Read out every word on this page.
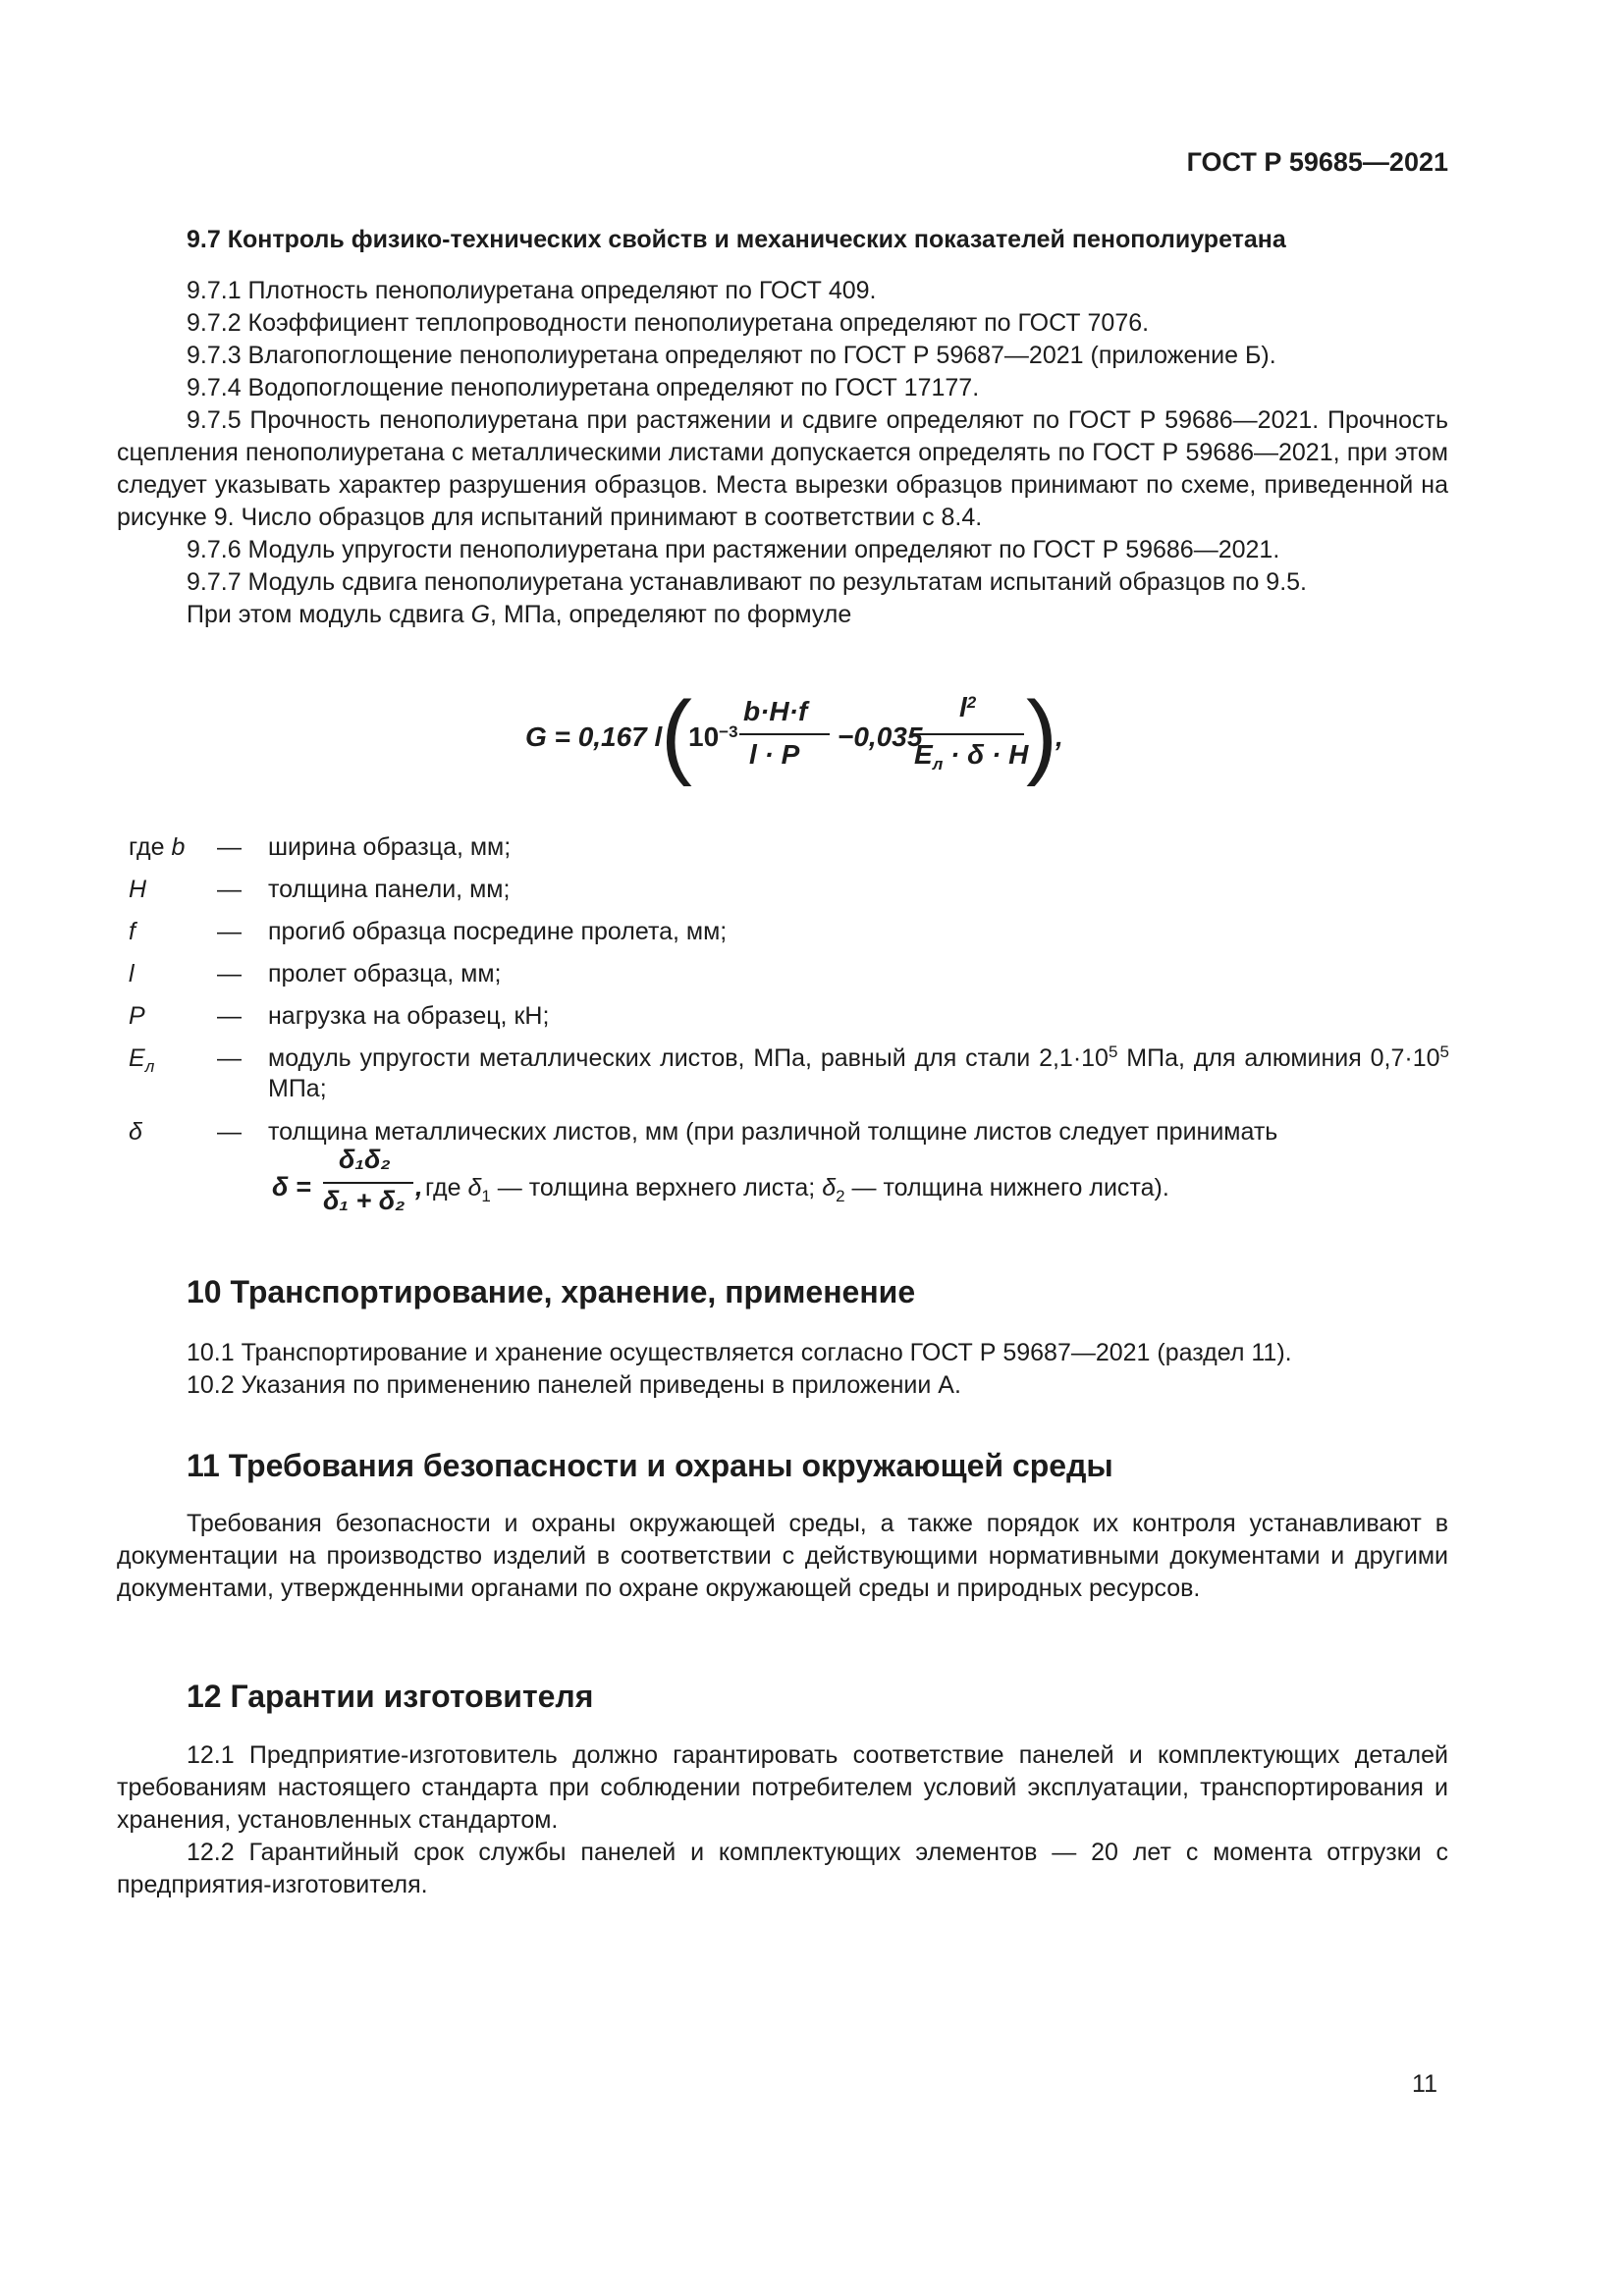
ГОСТ Р 59685—2021
9.7 Контроль физико-технических свойств и механических показателей пенополиуретана

9.7.1 Плотность пенополиуретана определяют по ГОСТ 409.

9.7.2 Коэффициент теплопроводности пенополиуретана определяют по ГОСТ 7076.

9.7.3 Влагопоглощение пенополиуретана определяют по ГОСТ Р 59687—2021 (приложение Б).

9.7.4 Водопоглощение пенополиуретана определяют по ГОСТ 17177.

9.7.5 Прочность пенополиуретана при растяжении и сдвиге определяют по ГОСТ Р 59686—2021. Прочность сцепления пенополиуретана с металлическими листами допускается определять по ГОСТ Р 59686—2021, при этом следует указывать характер разрушения образцов. Места вырезки образцов принимают по схеме, приведенной на рисунке 9. Число образцов для испытаний принимают в соответствии с 8.4.

9.7.6 Модуль упругости пенополиуретана при растяжении определяют по ГОСТ Р 59686—2021.

9.7.7 Модуль сдвига пенополиуретана устанавливают по результатам испытаний образцов по 9.5.

При этом модуль сдвига G, МПа, определяют по формуле

G = 0,167 l
(
$10^{-3}$
b·H·f
l · P
−0,035
$l^2$
$E_л \cdot \delta \cdot H$
)
,
где b — ширина образца, мм;
H	— толщина панели, мм;
f	— прогиб образца посредине пролета, мм;
l	— пролет образца, мм;
P	— нагрузка на образец, кН;
$E_л$	— модуль упругости металлических листов, МПа, равный для стали $2,1\cdot 10^5$ МПа, для алюминия $0,7\cdot 10^5$ МПа;
δ	— толщина металлических листов, мм (при различной толщине листов следует принимать
δ =
δ₁δ₂
δ₁ + δ₂ , где $\delta_1$ — толщина верхнего листа; $\delta_2$ — толщина нижнего листа).
10 Транспортирование, хранение, применение

10.1 Транспортирование и хранение осуществляется согласно ГОСТ Р 59687—2021 (раздел 11).

10.2 Указания по применению панелей приведены в приложении А.

11 Требования безопасности и охраны окружающей среды

Требования безопасности и охраны окружающей среды, а также порядок их контроля устанавливают в документации на производство изделий в соответствии с действующими нормативными документами и другими документами, утвержденными органами по охране окружающей среды и природных ресурсов.

12 Гарантии изготовителя

12.1 Предприятие-изготовитель должно гарантировать соответствие панелей и комплектующих деталей требованиям настоящего стандарта при соблюдении потребителем условий эксплуатации, транспортирования и хранения, установленных стандартом.

12.2 Гарантийный срок службы панелей и комплектующих элементов — 20 лет с момента отгрузки с предприятия-изготовителя.

11
